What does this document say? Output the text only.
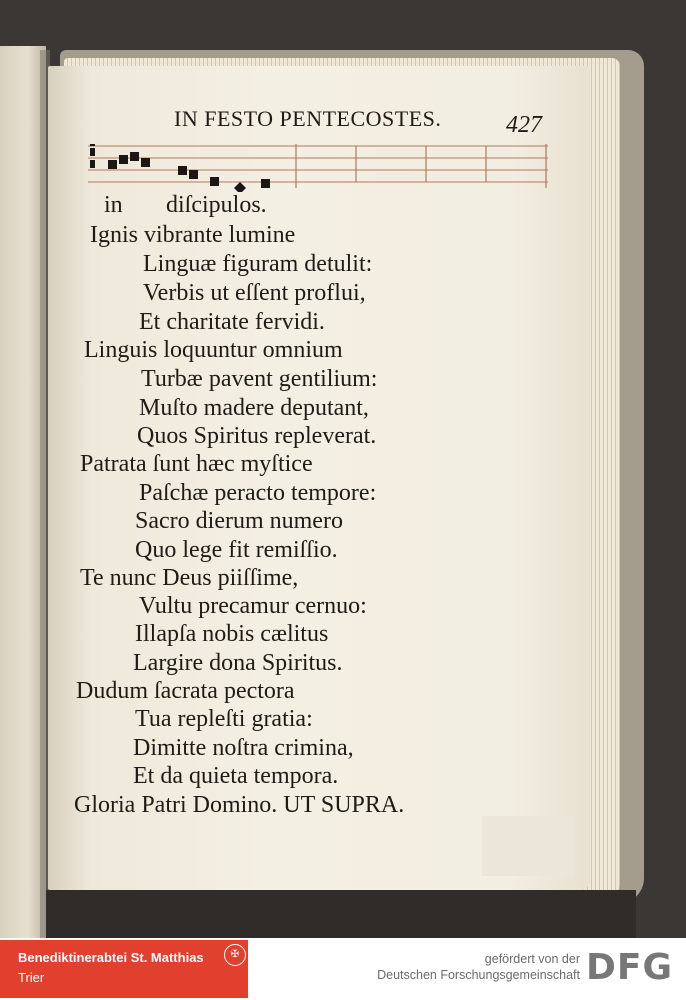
IN FESTO PENTECOSTES.	427
in diſcipulos.
Ignis vibrante lumine
Linguæ figuram detulit:
Verbis ut eſſent proflui,
Et charitate fervidi.
Linguis loquuntur omnium
Turbæ pavent gentilium:
Muſto madere deputant,
Quos Spiritus repleverat.
Patrata ſunt hæc myſtice
Paſchæ peracto tempore:
Sacro dierum numero
Quo lege fit remiſſio.
Te nunc Deus piiſſime,
Vultu precamur cernuo:
Illapſa nobis cælitus
Largire dona Spiritus.
Dudum ſacrata pectora
Tua repleſti gratia:
Dimitte noſtra crimina,
Et da quieta tempora.
Gloria Patri Domino. UT SUPRA.
Benediktinerabtei St. Matthias
Trier
✠	gefördert von der
Deutschen Forschungsgemeinschaft DFG
